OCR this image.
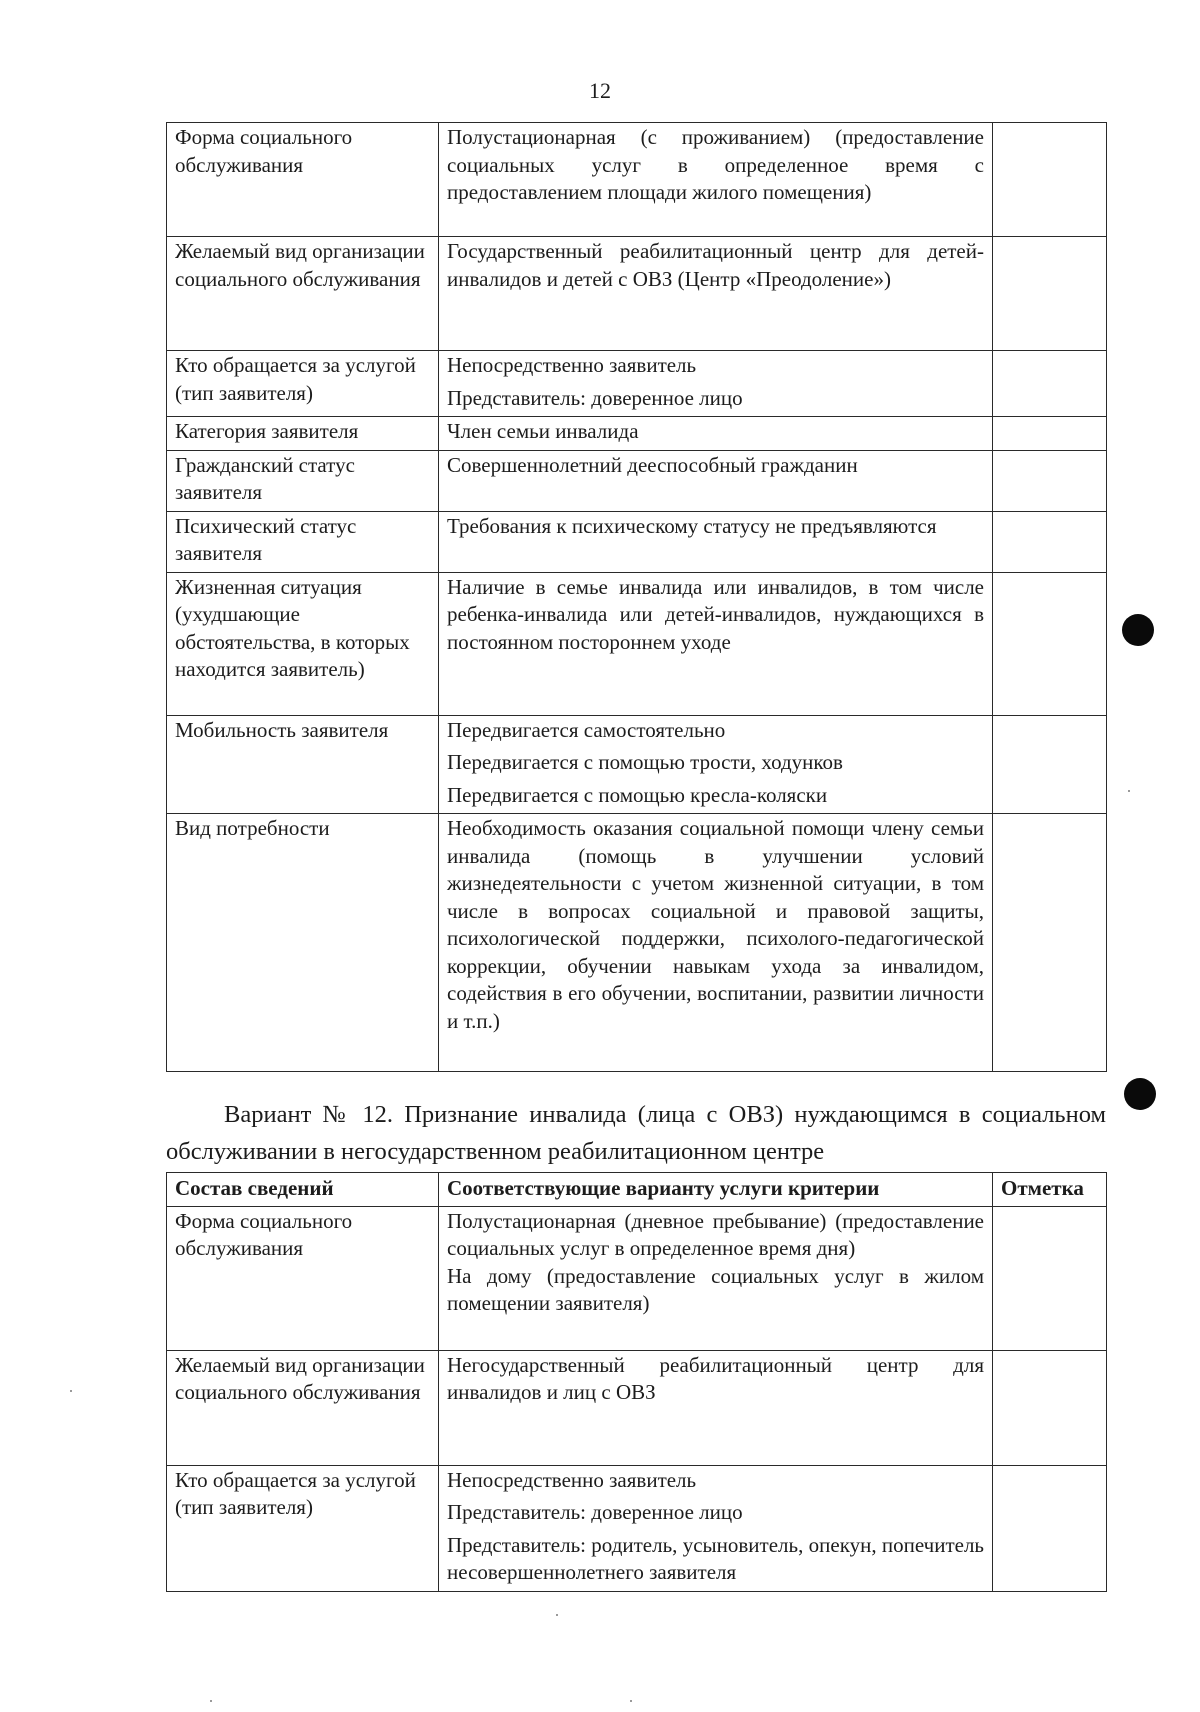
12
Форма социального обслуживания	Полустационарная (с проживанием) (предоставление социальных услуг в определенное время с предоставлением площади жилого помещения)	

Желаемый вид организации социального обслуживания	Государственный реабилитационный центр для детей-инвалидов и детей с ОВЗ (Центр «Преодоление»)	

Кто обращается за услугой (тип заявителя)	Непосредственно заявитель
Представитель: доверенное лицо	

Категория заявителя	Член семьи инвалида	

Гражданский статус заявителя	Совершеннолетний дееспособный гражданин	

Психический статус заявителя	Требования к психическому статусу не предъявляются	

Жизненная ситуация (ухудшающие обстоятельства, в которых находится заявитель)	Наличие в семье инвалида или инвалидов, в том числе ребенка-инвалида или детей-инвалидов, нуждающихся в постоянном постороннем уходе	

Мобильность заявителя	Передвигается самостоятельно
Передвигается с помощью трости, ходунков
Передвигается с помощью кресла-коляски	

Вид потребности	Необходимость оказания социальной помощи члену семьи инвалида (помощь в улучшении условий жизнедеятельности с учетом жизненной ситуации, в том числе в вопросах социальной и правовой защиты, психологической поддержки, психолого-педагогической коррекции, обучении навыкам ухода за инвалидом, содействия в его обучении, воспитании, развитии личности и т.п.)	

Вариант № 12. Признание инвалида (лица с ОВЗ) нуждающимся в социальном обслуживании в негосударственном реабилитационном центре
Состав сведений	Соответствующие варианту услуги критерии	Отметка
Форма социального обслуживания	Полустационарная (дневное пребывание) (предоставление социальных услуг в определенное время дня)
На дому (предоставление социальных услуг в жилом помещении заявителя)	

Желаемый вид организации социального обслуживания	Негосударственный реабилитационный центр для инвалидов и лиц с ОВЗ	

Кто обращается за услугой (тип заявителя)	Непосредственно заявитель
Представитель: доверенное лицо
Представитель: родитель, усыновитель, опекун, попечитель несовершеннолетнего заявителя	
